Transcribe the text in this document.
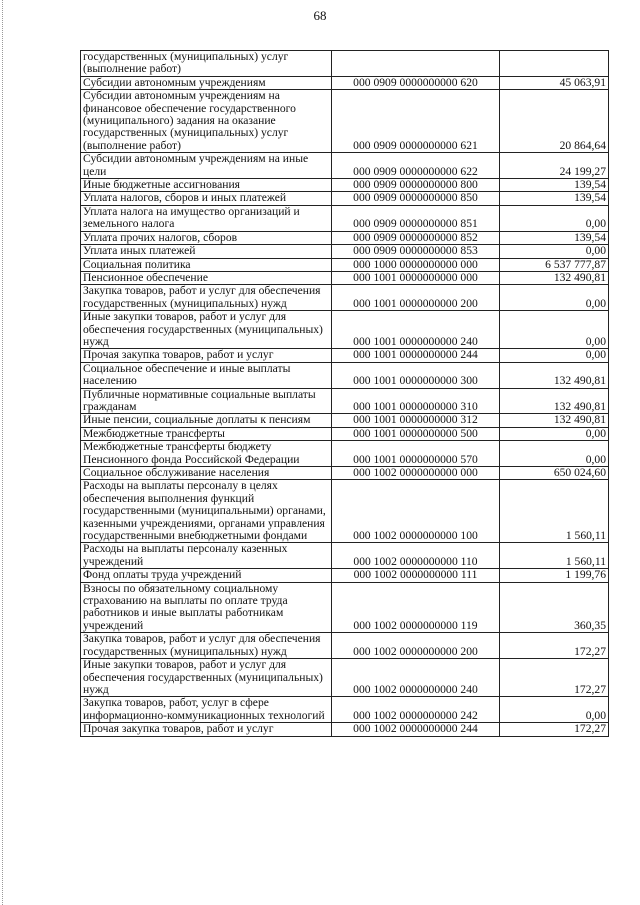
68
государственных (муниципальных) услуг (выполнение работ)		
Субсидии автономным учреждениям	000 0909 0000000000 620	45 063,91
Субсидии автономным учреждениям на финансовое обеспечение государственного (муниципального) задания на оказание государственных (муниципальных) услуг (выполнение работ)	000 0909 0000000000 621	20 864,64
Субсидии автономным учреждениям на иные цели	000 0909 0000000000 622	24 199,27
Иные бюджетные ассигнования	000 0909 0000000000 800	139,54
Уплата налогов, сборов и иных платежей	000 0909 0000000000 850	139,54
Уплата налога на имущество организаций и земельного налога	000 0909 0000000000 851	0,00
Уплата прочих налогов, сборов	000 0909 0000000000 852	139,54
Уплата иных платежей	000 0909 0000000000 853	0,00
Социальная политика	000 1000 0000000000 000	6 537 777,87
Пенсионное обеспечение	000 1001 0000000000 000	132 490,81
Закупка товаров, работ и услуг для обеспечения государственных (муниципальных) нужд	000 1001 0000000000 200	0,00
Иные закупки товаров, работ и услуг для обеспечения государственных (муниципальных) нужд	000 1001 0000000000 240	0,00
Прочая закупка товаров, работ и услуг	000 1001 0000000000 244	0,00
Социальное обеспечение и иные выплаты населению	000 1001 0000000000 300	132 490,81
Публичные нормативные социальные выплаты гражданам	000 1001 0000000000 310	132 490,81
Иные пенсии, социальные доплаты к пенсиям	000 1001 0000000000 312	132 490,81
Межбюджетные трансферты	000 1001 0000000000 500	0,00
Межбюджетные трансферты бюджету Пенсионного фонда Российской Федерации	000 1001 0000000000 570	0,00
Социальное обслуживание населения	000 1002 0000000000 000	650 024,60
Расходы на выплаты персоналу в целях обеспечения выполнения функций государственными (муниципальными) органами, казенными учреждениями, органами управления государственными внебюджетными фондами	000 1002 0000000000 100	1 560,11
Расходы на выплаты персоналу казенных учреждений	000 1002 0000000000 110	1 560,11
Фонд оплаты труда учреждений	000 1002 0000000000 111	1 199,76
Взносы по обязательному социальному страхованию на выплаты по оплате труда работников и иные выплаты работникам учреждений	000 1002 0000000000 119	360,35
Закупка товаров, работ и услуг для обеспечения государственных (муниципальных) нужд	000 1002 0000000000 200	172,27
Иные закупки товаров, работ и услуг для обеспечения государственных (муниципальных) нужд	000 1002 0000000000 240	172,27
Закупка товаров, работ, услуг в сфере информационно-коммуникационных технологий	000 1002 0000000000 242	0,00
Прочая закупка товаров, работ и услуг	000 1002 0000000000 244	172,27
